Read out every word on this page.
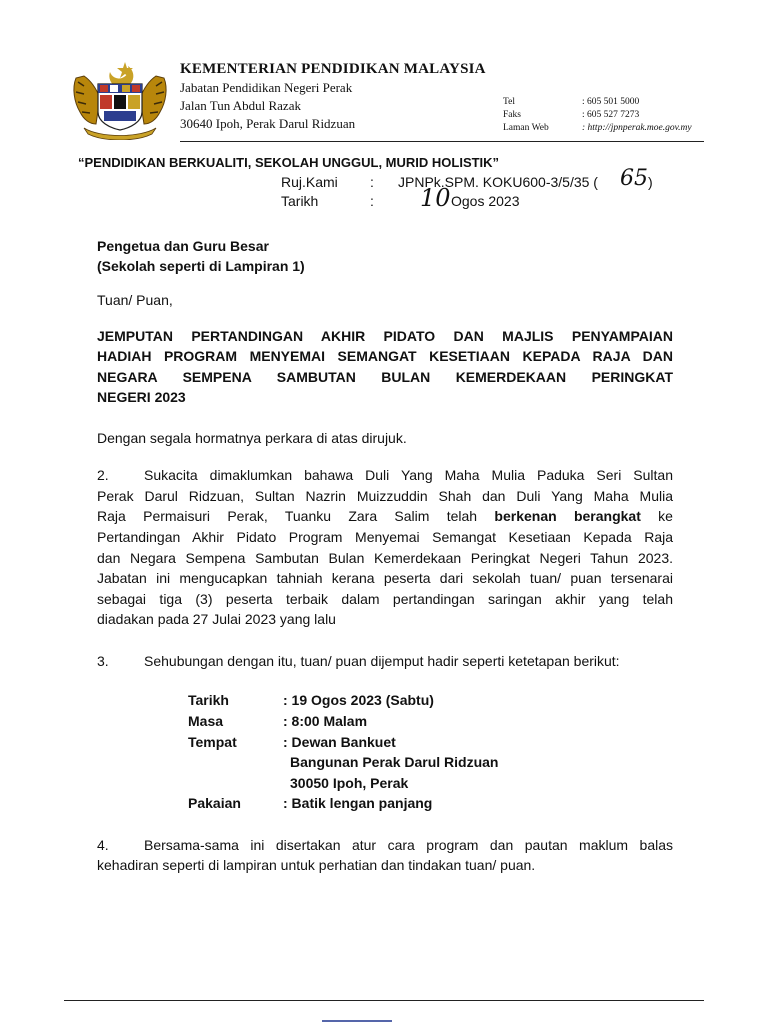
KEMENTERIAN PENDIDIKAN MALAYSIA
Jabatan Pendidikan Negeri Perak
Jalan Tun Abdul Razak
30640 Ipoh, Perak Darul Ridzuan
Tel	: 605 501 5000
Faks	: 605 527 7273
Laman Web	: http://jpnperak.moe.gov.my
“PENDIDIKAN BERKUALITI, SEKOLAH UNGGUL, MURID HOLISTIK”
Ruj.Kami : JPNPk.SPM. KOKU600-3/5/35 ( 65 )
Tarikh	: 10 Ogos 2023
Pengetua dan Guru Besar
(Sekolah seperti di Lampiran 1)
Tuan/ Puan,
JEMPUTAN PERTANDINGAN AKHIR PIDATO DAN MAJLIS PENYAMPAIAN
HADIAH PROGRAM MENYEMAI SEMANGAT KESETIAAN KEPADA RAJA DAN
NEGARA SEMPENA SAMBUTAN BULAN KEMERDEKAAN PERINGKAT
NEGERI 2023
Dengan segala hormatnya perkara di atas dirujuk.
2.	Sukacita dimaklumkan bahawa Duli Yang Maha Mulia Paduka Seri Sultan
Perak Darul Ridzuan, Sultan Nazrin Muizzuddin Shah dan Duli Yang Maha Mulia
Raja Permaisuri Perak, Tuanku Zara Salim telah berkenan berangkat ke
Pertandingan Akhir Pidato Program Menyemai Semangat Kesetiaan Kepada Raja
dan Negara Sempena Sambutan Bulan Kemerdekaan Peringkat Negeri Tahun 2023.
Jabatan ini mengucapkan tahniah kerana peserta dari sekolah tuan/ puan tersenarai
sebagai tiga (3) peserta terbaik dalam pertandingan saringan akhir yang telah
diadakan pada 27 Julai 2023 yang lalu
3.	Sehubungan dengan itu, tuan/ puan dijemput hadir seperti ketetapan berikut:
Tarikh	: 19 Ogos 2023 (Sabtu)
Masa	: 8:00 Malam
Tempat	: Dewan Bankuet
Bangunan Perak Darul Ridzuan
30050 Ipoh, Perak
Pakaian	: Batik lengan panjang
4.	Bersama-sama ini disertakan atur cara program dan pautan maklum balas
kehadiran seperti di lampiran untuk perhatian dan tindakan tuan/ puan.
